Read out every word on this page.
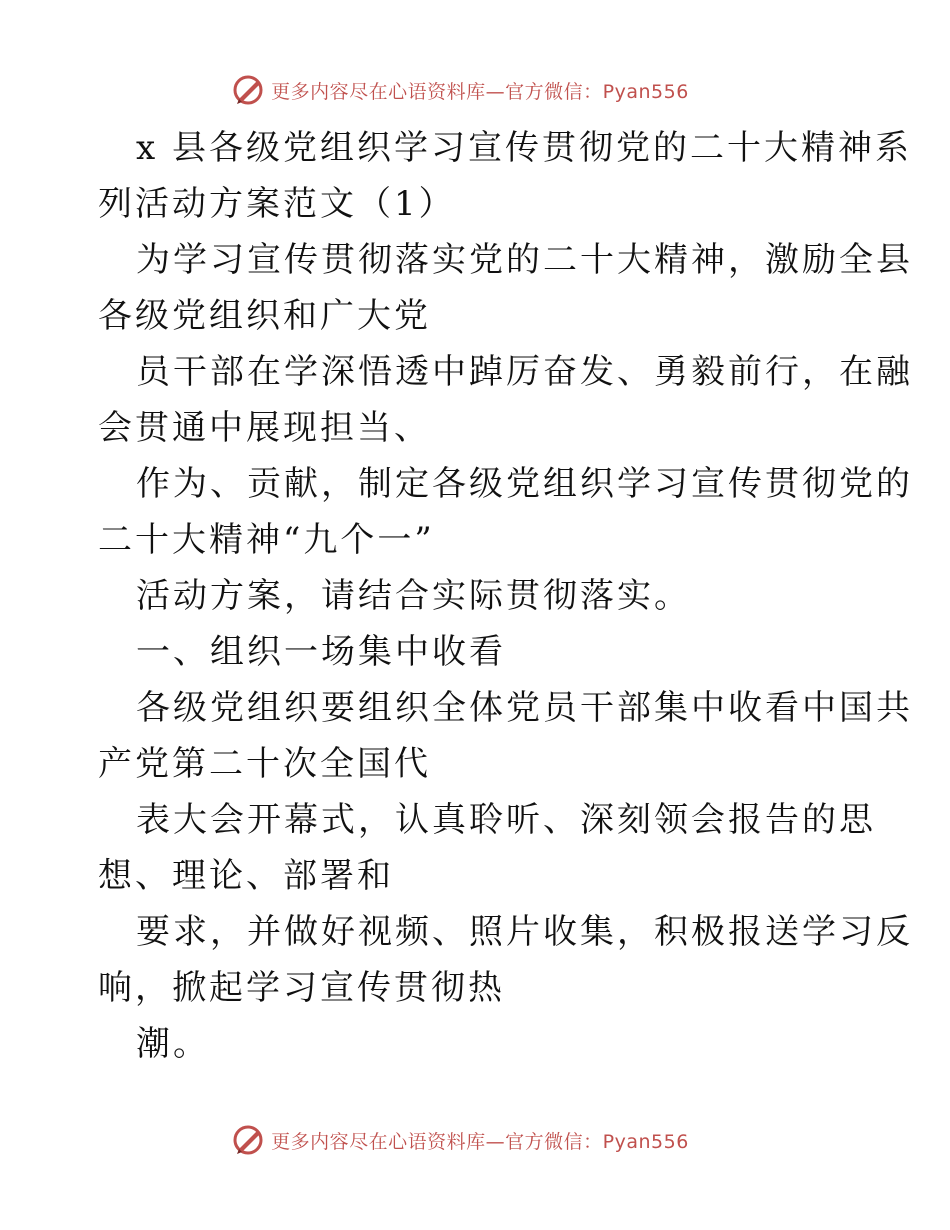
更多内容尽在心语资料库—官方微信：Pyan556
x 县各级党组织学习宣传贯彻党的二十大精神系
列活动方案范文（1）
为学习宣传贯彻落实党的二十大精神，激励全县
各级党组织和广大党
员干部在学深悟透中踔厉奋发、勇毅前行，在融
会贯通中展现担当、
作为、贡献，制定各级党组织学习宣传贯彻党的
二十大精神“九个一”
活动方案，请结合实际贯彻落实。
一、组织一场集中收看
各级党组织要组织全体党员干部集中收看中国共
产党第二十次全国代
表大会开幕式，认真聆听、深刻领会报告的思
想、理论、部署和
要求，并做好视频、照片收集，积极报送学习反
响，掀起学习宣传贯彻热
潮。
更多内容尽在心语资料库—官方微信：Pyan556
